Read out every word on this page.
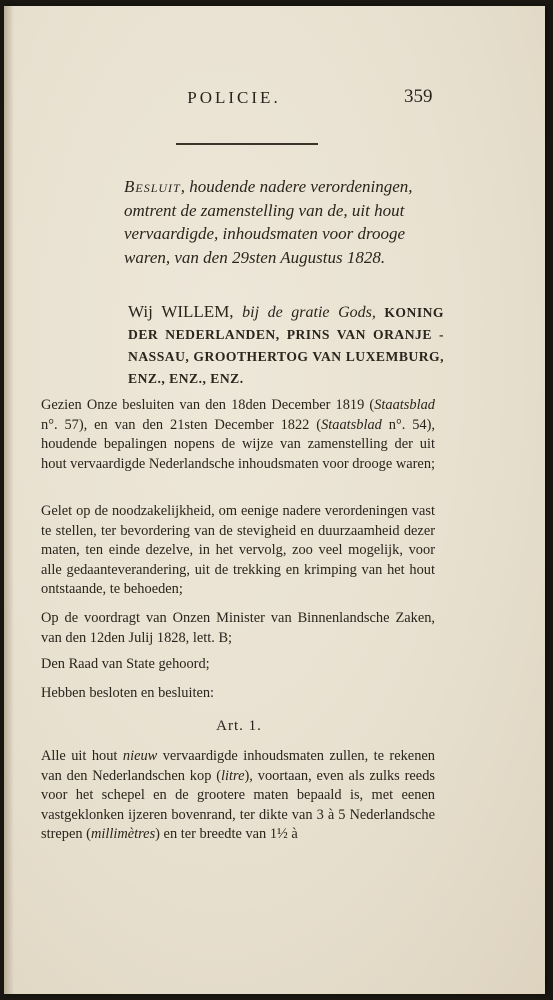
POLICIE.	359
Besluit, houdende nadere verordeningen, omtrent de zamenstelling van de, uit hout vervaardigde, inhoudsmaten voor drooge waren, van den 29sten Augustus 1828.
Wij WILLEM, bij de gratie Gods, KONING DER NEDERLANDEN, PRINS VAN ORANJE - NASSAU, GROOTHERTOG VAN LUXEMBURG, ENZ., ENZ., ENZ.
Gezien Onze besluiten van den 18den December 1819 (Staatsblad n°. 57), en van den 21sten December 1822 (Staatsblad n°. 54), houdende bepalingen nopens de wijze van zamenstelling der uit hout vervaardigde Nederlandsche inhoudsmaten voor drooge waren;
Gelet op de noodzakelijkheid, om eenige nadere verordeningen vast te stellen, ter bevordering van de stevigheid en duurzaamheid dezer maten, ten einde dezelve, in het vervolg, zoo veel mogelijk, voor alle gedaanteverandering, uit de trekking en krimping van het hout ontstaande, te behoeden;
Op de voordragt van Onzen Minister van Binnenlandsche Zaken, van den 12den Julij 1828, lett. B;
Den Raad van State gehoord;
Hebben besloten en besluiten:
Art. 1.
Alle uit hout nieuw vervaardigde inhoudsmaten zullen, te rekenen van den Nederlandschen kop (litre), voortaan, even als zulks reeds voor het schepel en de grootere maten bepaald is, met eenen vastgeklonken ijzeren bovenrand, ter dikte van 3 à 5 Nederlandsche strepen (millimètres) en ter breedte van 1½ à
